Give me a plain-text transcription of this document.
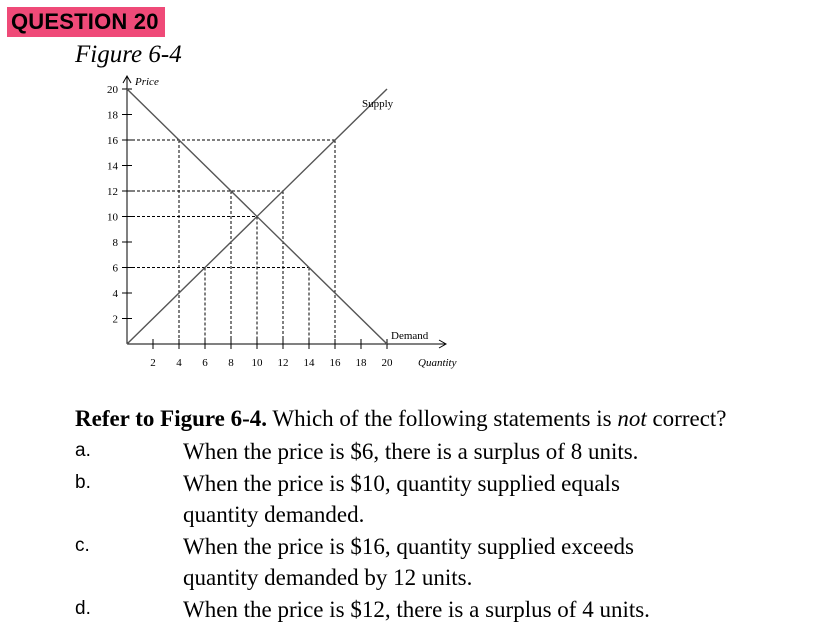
QUESTION 20
Figure 6-4
2
4
6
8
10
12
14
16
18
20
2 4 6 8 10 12 14 16 18 20
Price
Quantity
Supply
Demand
Refer to Figure 6-4. Which of the following statements is not correct?
a.	When the price is $6, there is a surplus of 8 units.
b.	When the price is $10, quantity supplied equals
quantity demanded.
c.	When the price is $16, quantity supplied exceeds
quantity demanded by 12 units.
d.	When the price is $12, there is a surplus of 4 units.
